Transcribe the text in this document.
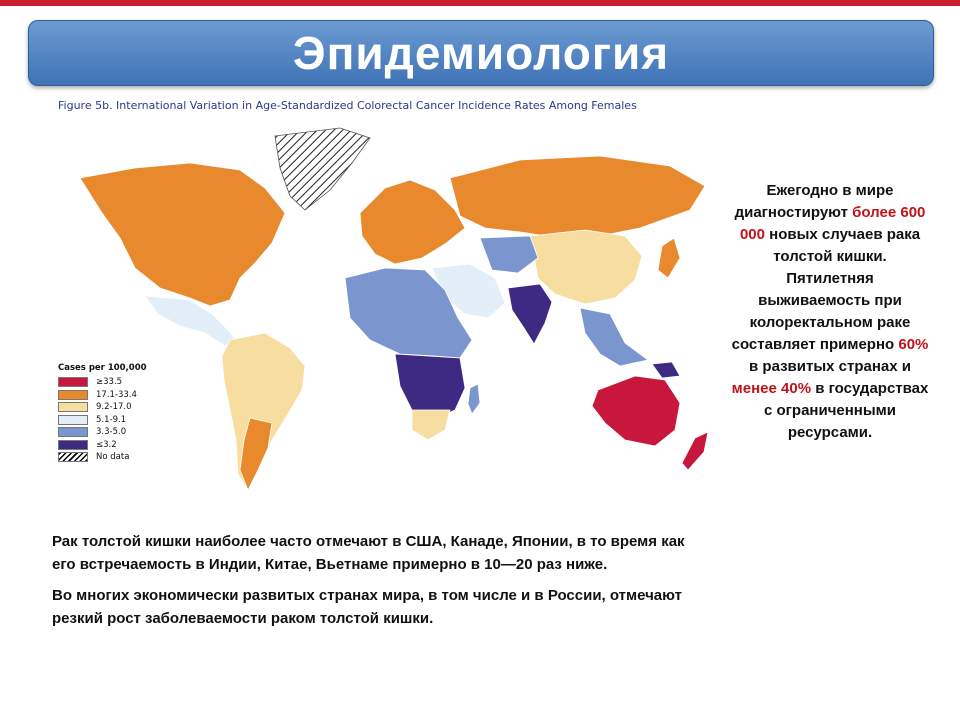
Эпидемиология
Figure 5b. International Variation in Age-Standardized Colorectal Cancer Incidence Rates Among Females
Cases per 100,000
≥33.5
17.1-33.4
9.2-17.0
5.1-9.1
3.3-5.0
≤3.2
No data
Ежегодно в мире диагностируют более 600 000 новых случаев рака толстой кишки. Пятилетняя выживаемость при колоректальном раке составляет примерно 60% в развитых странах и менее 40% в государствах с ограниченными ресурсами.

Рак толстой кишки наиболее часто отмечают в США, Канаде, Японии, в то время как его встречаемость в Индии, Китае, Вьетнаме примерно в 10—20 раз ниже.

Во многих экономически развитых странах мира, в том числе и в России, отмечают резкий рост заболеваемости раком толстой кишки.
